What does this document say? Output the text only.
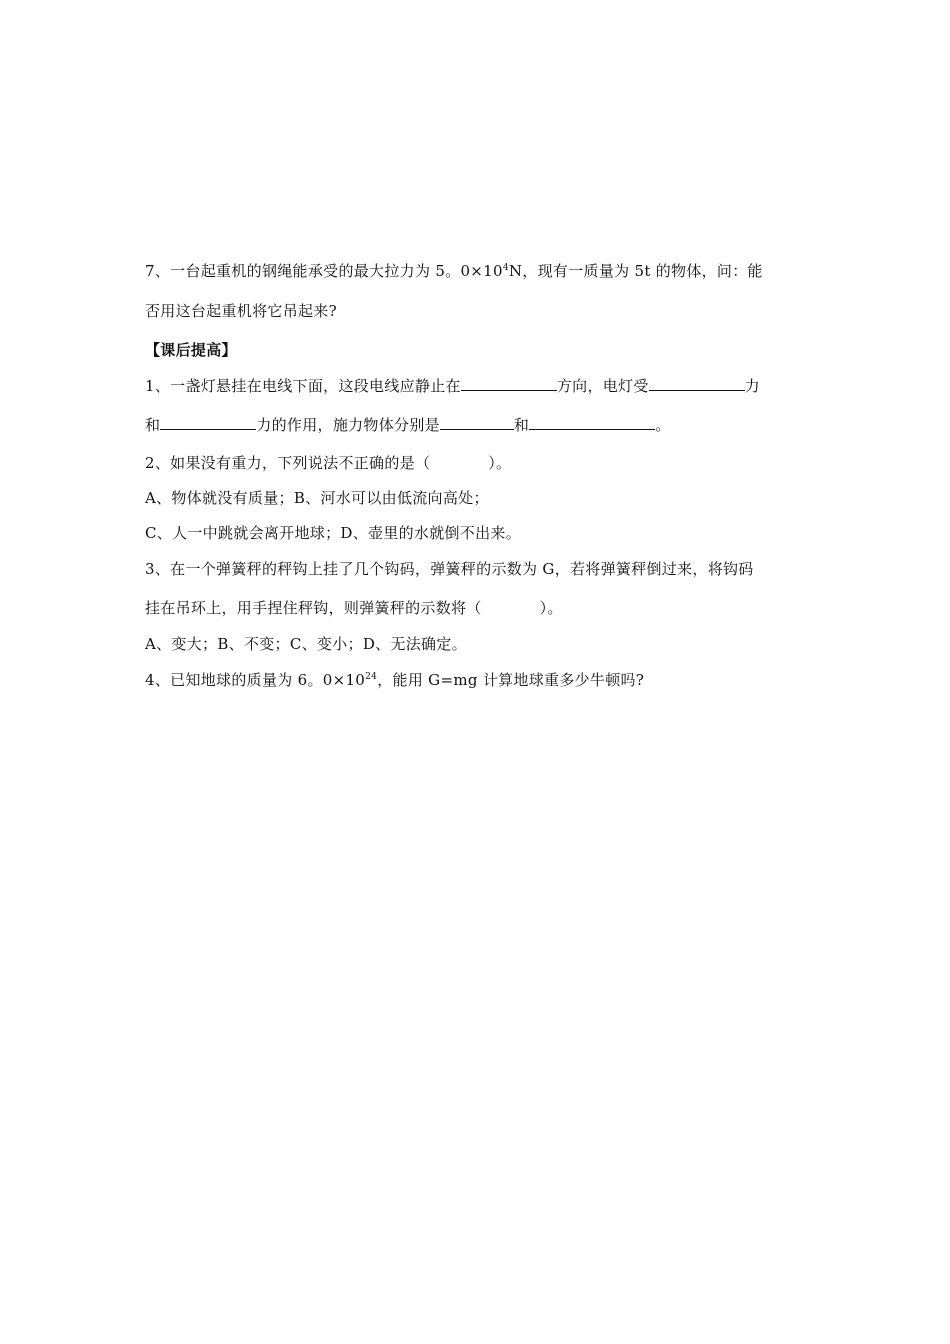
7、一台起重机的钢绳能承受的最大拉力为 5。$0\times 10^4N$，现有一质量为 5t 的物体，问：能
否用这台起重机将它吊起来?
【课后提高】
1、一盏灯悬挂在电线下面，这段电线应静止在	方向，电灯受	力
和	力的作用，施力物体分别是	和	。
2、如果没有重力，下列说法不正确的是（	）。
A、物体就没有质量；B、河水可以由低流向高处；
C、人一中跳就会离开地球；D、壶里的水就倒不出来。
3、在一个弹簧秤的秤钩上挂了几个钩码，弹簧秤的示数为 G，若将弹簧秤倒过来，将钩码
挂在吊环上，用手捏住秤钩，则弹簧秤的示数将（	）。
A、变大；B、不变；C、变小；D、无法确定。
4、已知地球的质量为 6。$0\times 10^{24}$，能用 G=mg 计算地球重多少牛顿吗?
